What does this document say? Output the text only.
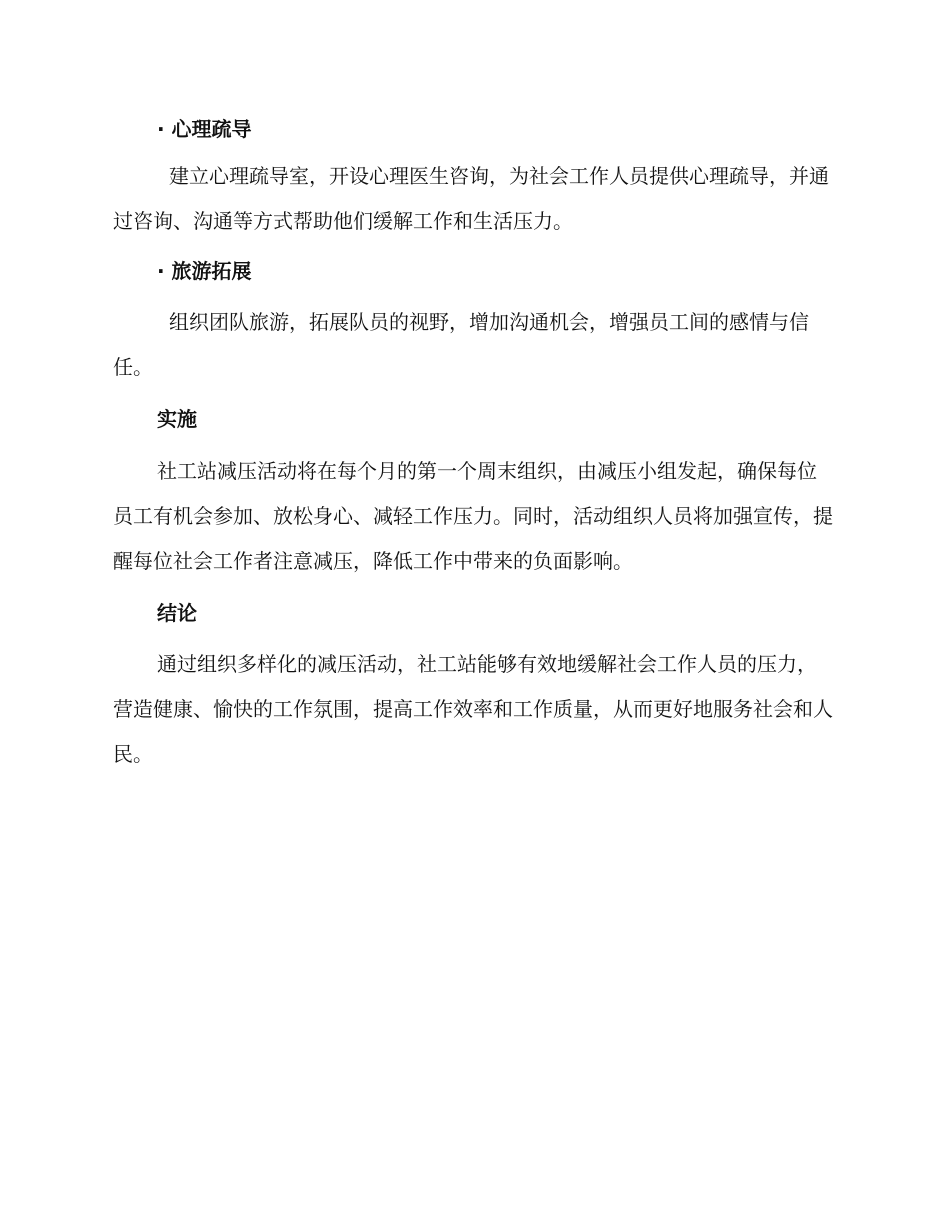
· 心理疏导

建立心理疏导室，开设心理医生咨询，为社会工作人员提供心理疏导，并通过咨询、沟通等方式帮助他们缓解工作和生活压力。

· 旅游拓展

组织团队旅游，拓展队员的视野，增加沟通机会，增强员工间的感情与信任。

实施

社工站减压活动将在每个月的第一个周末组织，由减压小组发起，确保每位员工有机会参加、放松身心、减轻工作压力。同时，活动组织人员将加强宣传，提醒每位社会工作者注意减压，降低工作中带来的负面影响。

结论

通过组织多样化的减压活动，社工站能够有效地缓解社会工作人员的压力，营造健康、愉快的工作氛围，提高工作效率和工作质量，从而更好地服务社会和人民。
